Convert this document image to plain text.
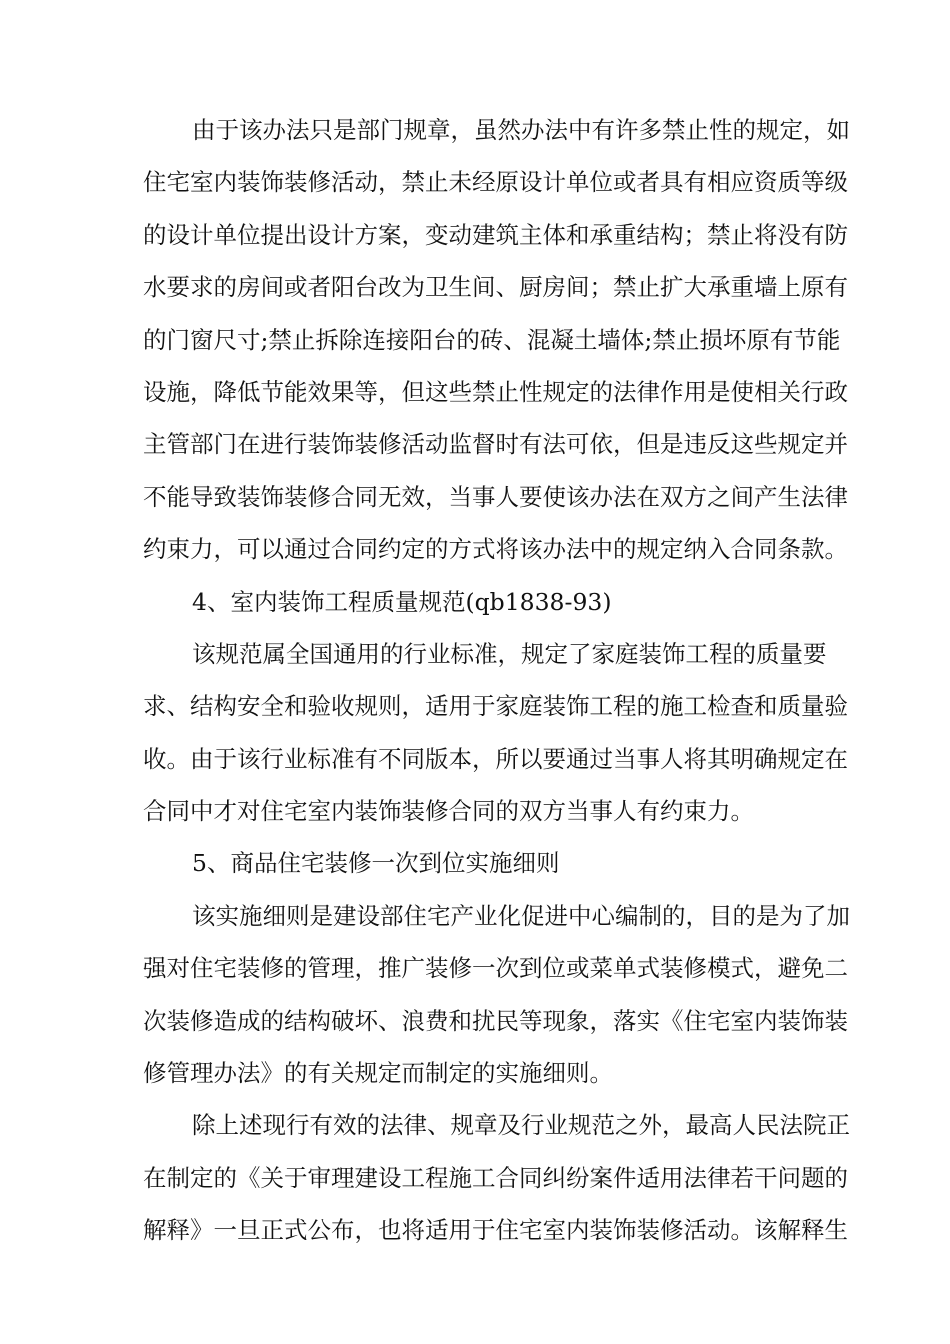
由于该办法只是部门规章，虽然办法中有许多禁止性的规定，如
住宅室内装饰装修活动，禁止未经原设计单位或者具有相应资质等级
的设计单位提出设计方案，变动建筑主体和承重结构；禁止将没有防
水要求的房间或者阳台改为卫生间、厨房间；禁止扩大承重墙上原有
的门窗尺寸;禁止拆除连接阳台的砖、混凝土墙体;禁止损坏原有节能
设施，降低节能效果等，但这些禁止性规定的法律作用是使相关行政
主管部门在进行装饰装修活动监督时有法可依，但是违反这些规定并
不能导致装饰装修合同无效，当事人要使该办法在双方之间产生法律
约束力，可以通过合同约定的方式将该办法中的规定纳入合同条款。
4、室内装饰工程质量规范(qb1838-93)
该规范属全国通用的行业标准，规定了家庭装饰工程的质量要
求、结构安全和验收规则，适用于家庭装饰工程的施工检查和质量验
收。由于该行业标准有不同版本，所以要通过当事人将其明确规定在
合同中才对住宅室内装饰装修合同的双方当事人有约束力。
5、商品住宅装修一次到位实施细则
该实施细则是建设部住宅产业化促进中心编制的，目的是为了加
强对住宅装修的管理，推广装修一次到位或菜单式装修模式，避免二
次装修造成的结构破坏、浪费和扰民等现象，落实《住宅室内装饰装
修管理办法》的有关规定而制定的实施细则。
除上述现行有效的法律、规章及行业规范之外，最高人民法院正
在制定的《关于审理建设工程施工合同纠纷案件适用法律若干问题的
解释》一旦正式公布，也将适用于住宅室内装饰装修活动。该解释生
